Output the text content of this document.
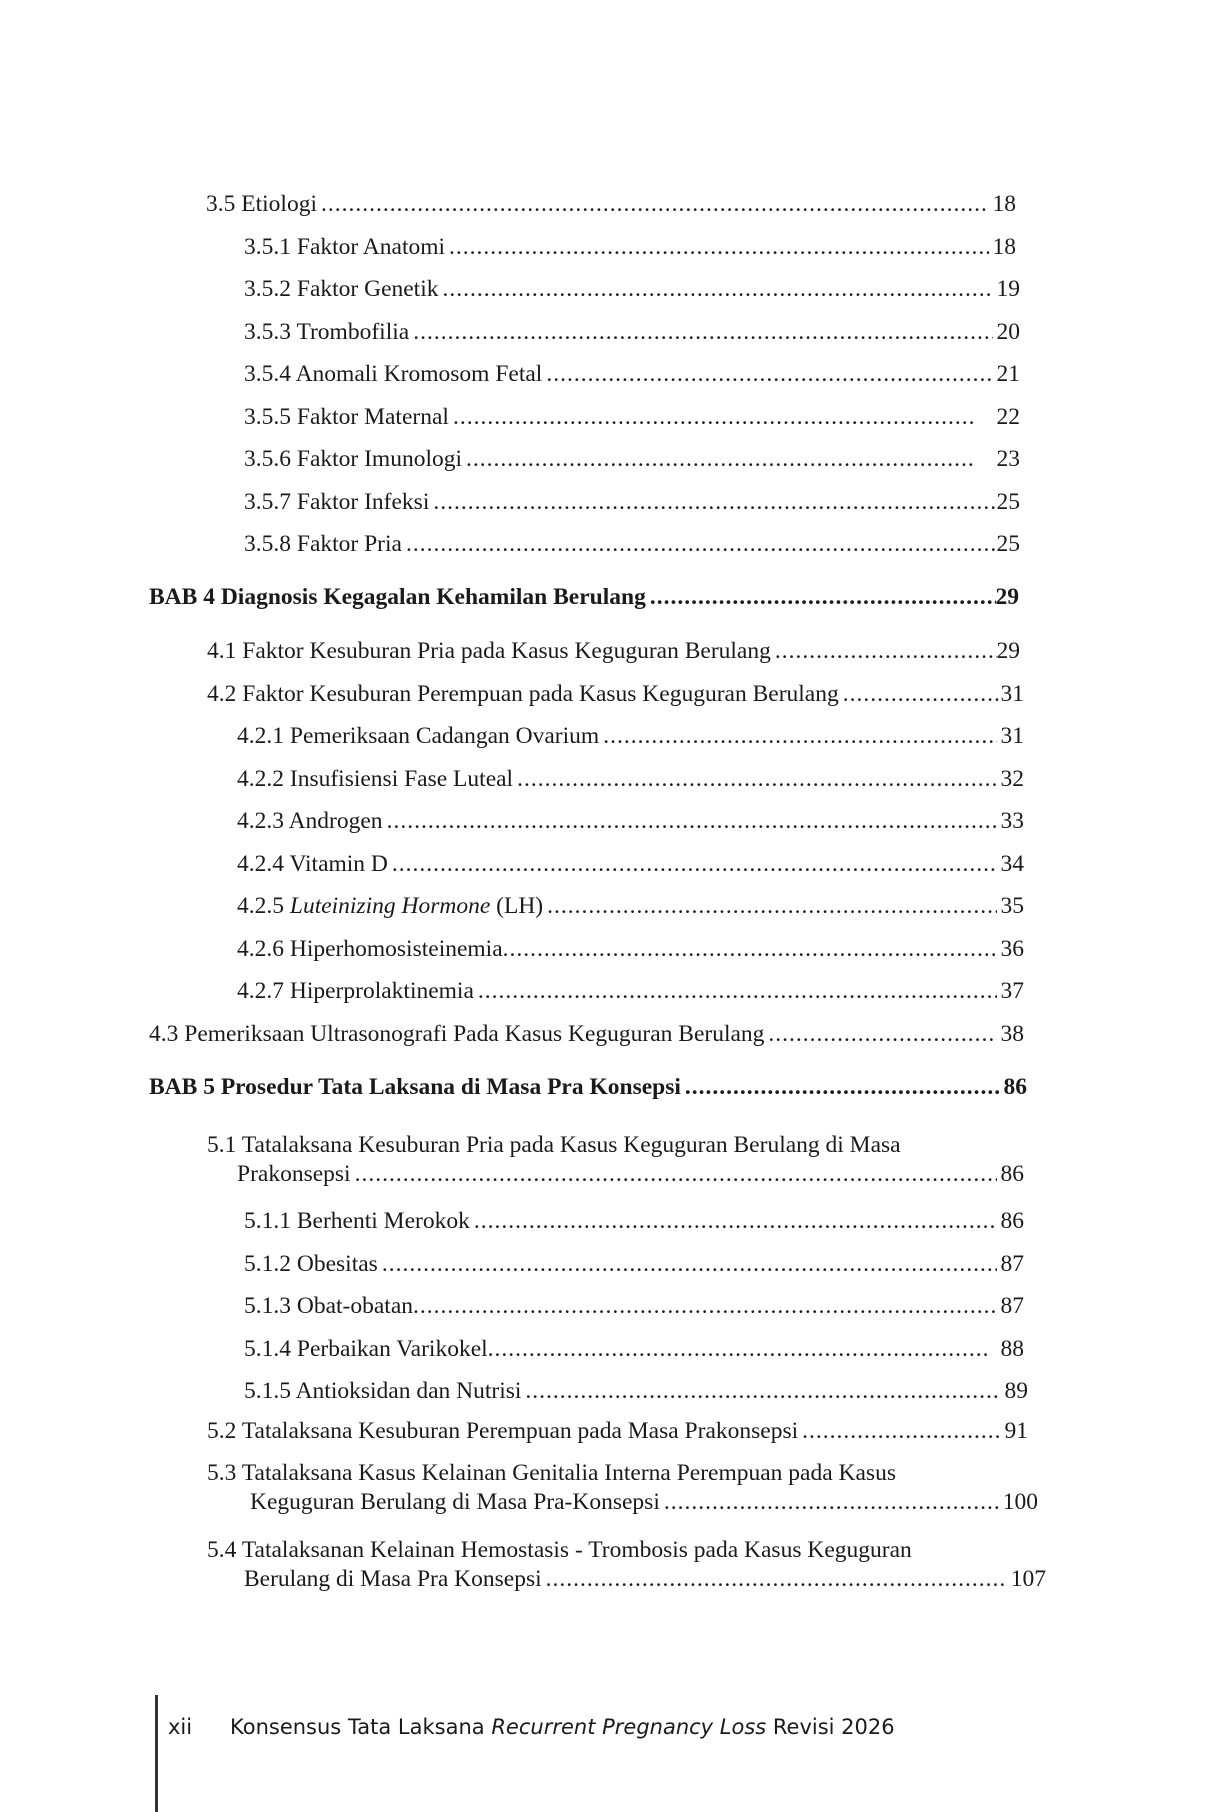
3.5 Etiologi .....	18
3.5.1 Faktor Anatomi .....	18
3.5.2 Faktor Genetik .....	19
3.5.3 Trombofilia .....	20
3.5.4 Anomali Kromosom Fetal .....	21
3.5.5 Faktor Maternal .....	22
3.5.6 Faktor Imunologi .....	23
3.5.7 Faktor Infeksi .....	25
3.5.8 Faktor Pria .....	25
BAB 4 Diagnosis Kegagalan Kehamilan Berulang .....	29
4.1 Faktor Kesuburan Pria pada Kasus Keguguran Berulang .....	29
4.2 Faktor Kesuburan Perempuan pada Kasus Keguguran Berulang .....	31
4.2.1 Pemeriksaan Cadangan Ovarium .....	31
4.2.2 Insufisiensi Fase Luteal .....	32
4.2.3 Androgen .....	33
4.2.4 Vitamin D .....	34
4.2.5 Luteinizing Hormone (LH) .....	35
4.2.6 Hiperhomosisteinemia .....	36
4.2.7 Hiperprolaktinemia .....	37
4.3 Pemeriksaan Ultrasonografi Pada Kasus Keguguran Berulang .....	38
BAB 5 Prosedur Tata Laksana di Masa Pra Konsepsi .....	86
5.1 Tatalaksana Kesuburan Pria pada Kasus Keguguran Berulang di Masa
Prakonsepsi .....	86
5.1.1 Berhenti Merokok .....	86
5.1.2 Obesitas .....	87
5.1.3 Obat-obatan .....	87
5.1.4 Perbaikan Varikokel .....	88
5.1.5 Antioksidan dan Nutrisi .....	89
5.2 Tatalaksana Kesuburan Perempuan pada Masa Prakonsepsi .....	91
5.3 Tatalaksana Kasus Kelainan Genitalia Interna Perempuan pada Kasus
Keguguran Berulang di Masa Pra-Konsepsi .....	100
5.4 Tatalaksanan Kelainan Hemostasis - Trombosis pada Kasus Keguguran
Berulang di Masa Pra Konsepsi .....	107
xii Konsensus Tata Laksana Recurrent Pregnancy Loss Revisi 2026
